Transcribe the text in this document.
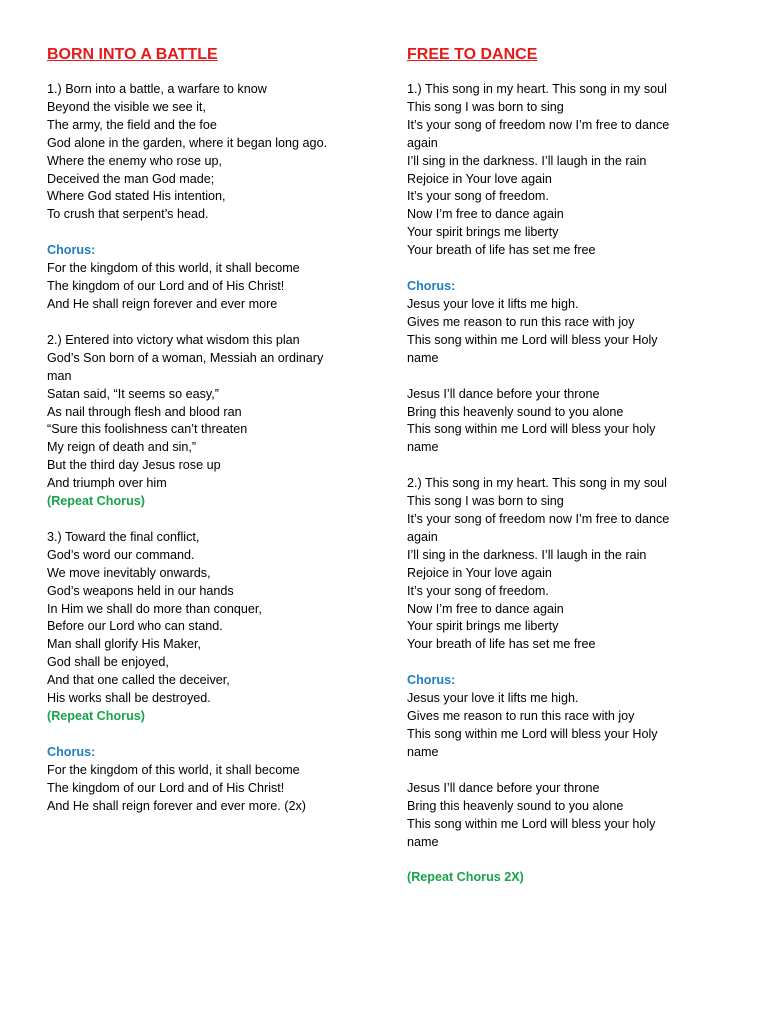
BORN INTO A BATTLE
1.) Born into a battle, a warfare to know
Beyond the visible we see it,
The army, the field and the foe
God alone in the garden, where it began long ago.
Where the enemy who rose up,
Deceived the man God made;
Where God stated His intention,
To crush that serpent’s head.
Chorus:
For the kingdom of this world, it shall become
The kingdom of our Lord and of His Christ!
And He shall reign forever and ever more
2.) Entered into victory what wisdom this plan
God’s Son born of a woman, Messiah an ordinary
man
Satan said, “It seems so easy,”
As nail through flesh and blood ran
“Sure this foolishness can’t threaten
My reign of death and sin,”
But the third day Jesus rose up
And triumph over him
(Repeat Chorus)
3.) Toward the final conflict,
God’s word our command.
We move inevitably onwards,
God’s weapons held in our hands
In Him we shall do more than conquer,
Before our Lord who can stand.
Man shall glorify His Maker,
God shall be enjoyed,
And that one called the deceiver,
His works shall be destroyed.
(Repeat Chorus)
Chorus:
For the kingdom of this world, it shall become
The kingdom of our Lord and of His Christ!
And He shall reign forever and ever more. (2x)
FREE TO DANCE
1.) This song in my heart. This song in my soul
This song I was born to sing
It’s your song of freedom now I’m free to dance
again
I’ll sing in the darkness. I’ll laugh in the rain
Rejoice in Your love again
It’s your song of freedom.
Now I’m free to dance again
Your spirit brings me liberty
Your breath of life has set me free
Chorus:
Jesus your love it lifts me high.
Gives me reason to run this race with joy
This song within me Lord will bless your Holy
name
Jesus I’ll dance before your throne
Bring this heavenly sound to you alone
This song within me Lord will bless your holy
name
2.) This song in my heart. This song in my soul
This song I was born to sing
It’s your song of freedom now I’m free to dance
again
I’ll sing in the darkness. I’ll laugh in the rain
Rejoice in Your love again
It’s your song of freedom.
Now I’m free to dance again
Your spirit brings me liberty
Your breath of life has set me free
Chorus:
Jesus your love it lifts me high.
Gives me reason to run this race with joy
This song within me Lord will bless your Holy
name
Jesus I’ll dance before your throne
Bring this heavenly sound to you alone
This song within me Lord will bless your holy
name
(Repeat Chorus 2X)
